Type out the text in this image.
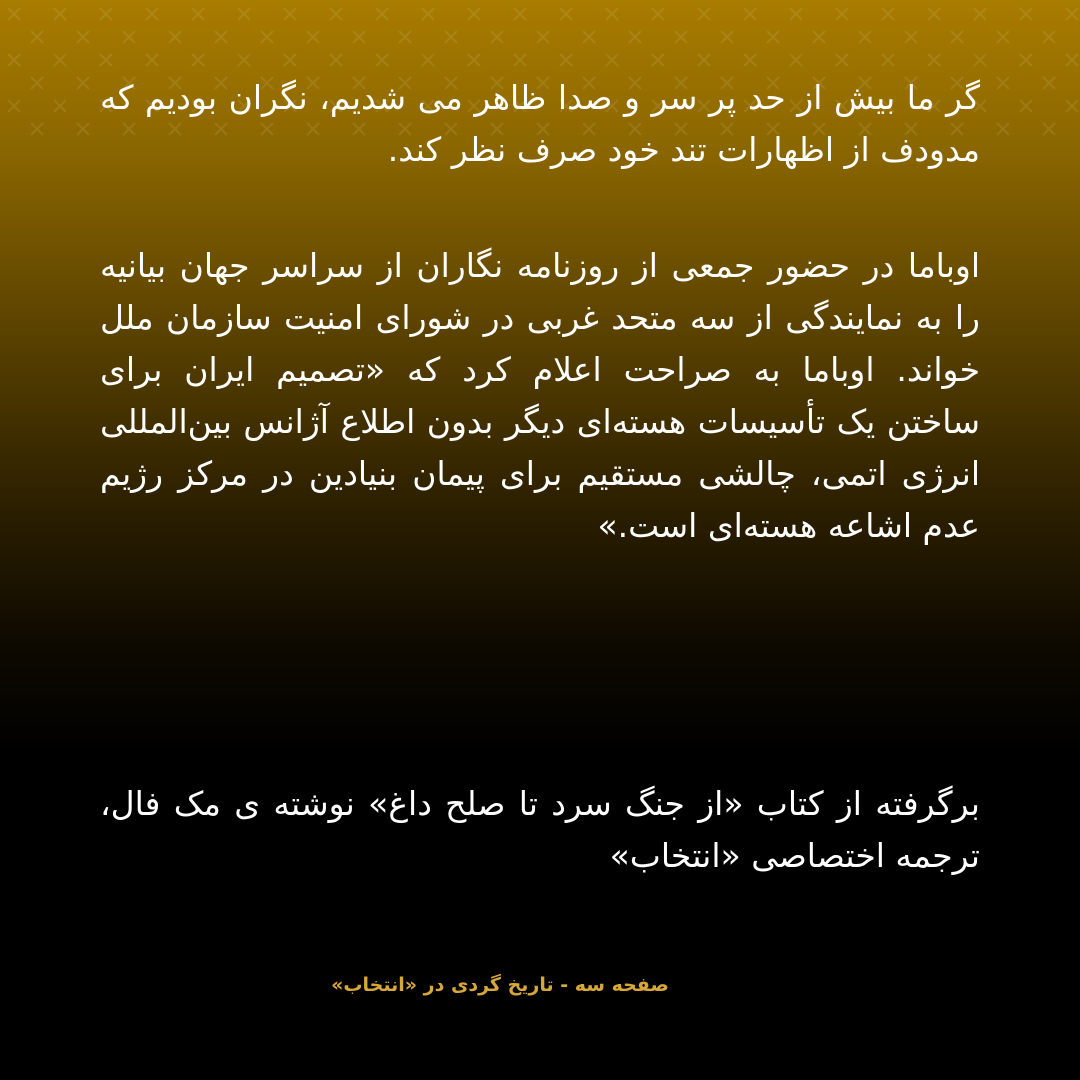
گر ما بیش از حد پر سر و صدا ظاهر می شدیم، نگران بودیم که مدودف از اظهارات تند خود صرف نظر کند.

اوباما در حضور جمعی از روزنامه نگاران از سراسر جهان بیانیه را به نمایندگی از سه متحد غربی در شورای امنیت سازمان ملل خواند. اوباما به صراحت اعلام کرد که «تصمیم ایران برای ساختن یک تأسیسات هسته‌ای دیگر بدون اطلاع آژانس بین‌المللی انرژی اتمی، چالشی مستقیم برای پیمان بنیادین در مرکز رژیم عدم اشاعه هسته‌ای است.»

برگرفته از کتاب «از جنگ سرد تا صلح داغ» نوشته ی مک فال، ترجمه اختصاصی «انتخاب»

صفحه سه - تاریخ گردی در «انتخاب»
